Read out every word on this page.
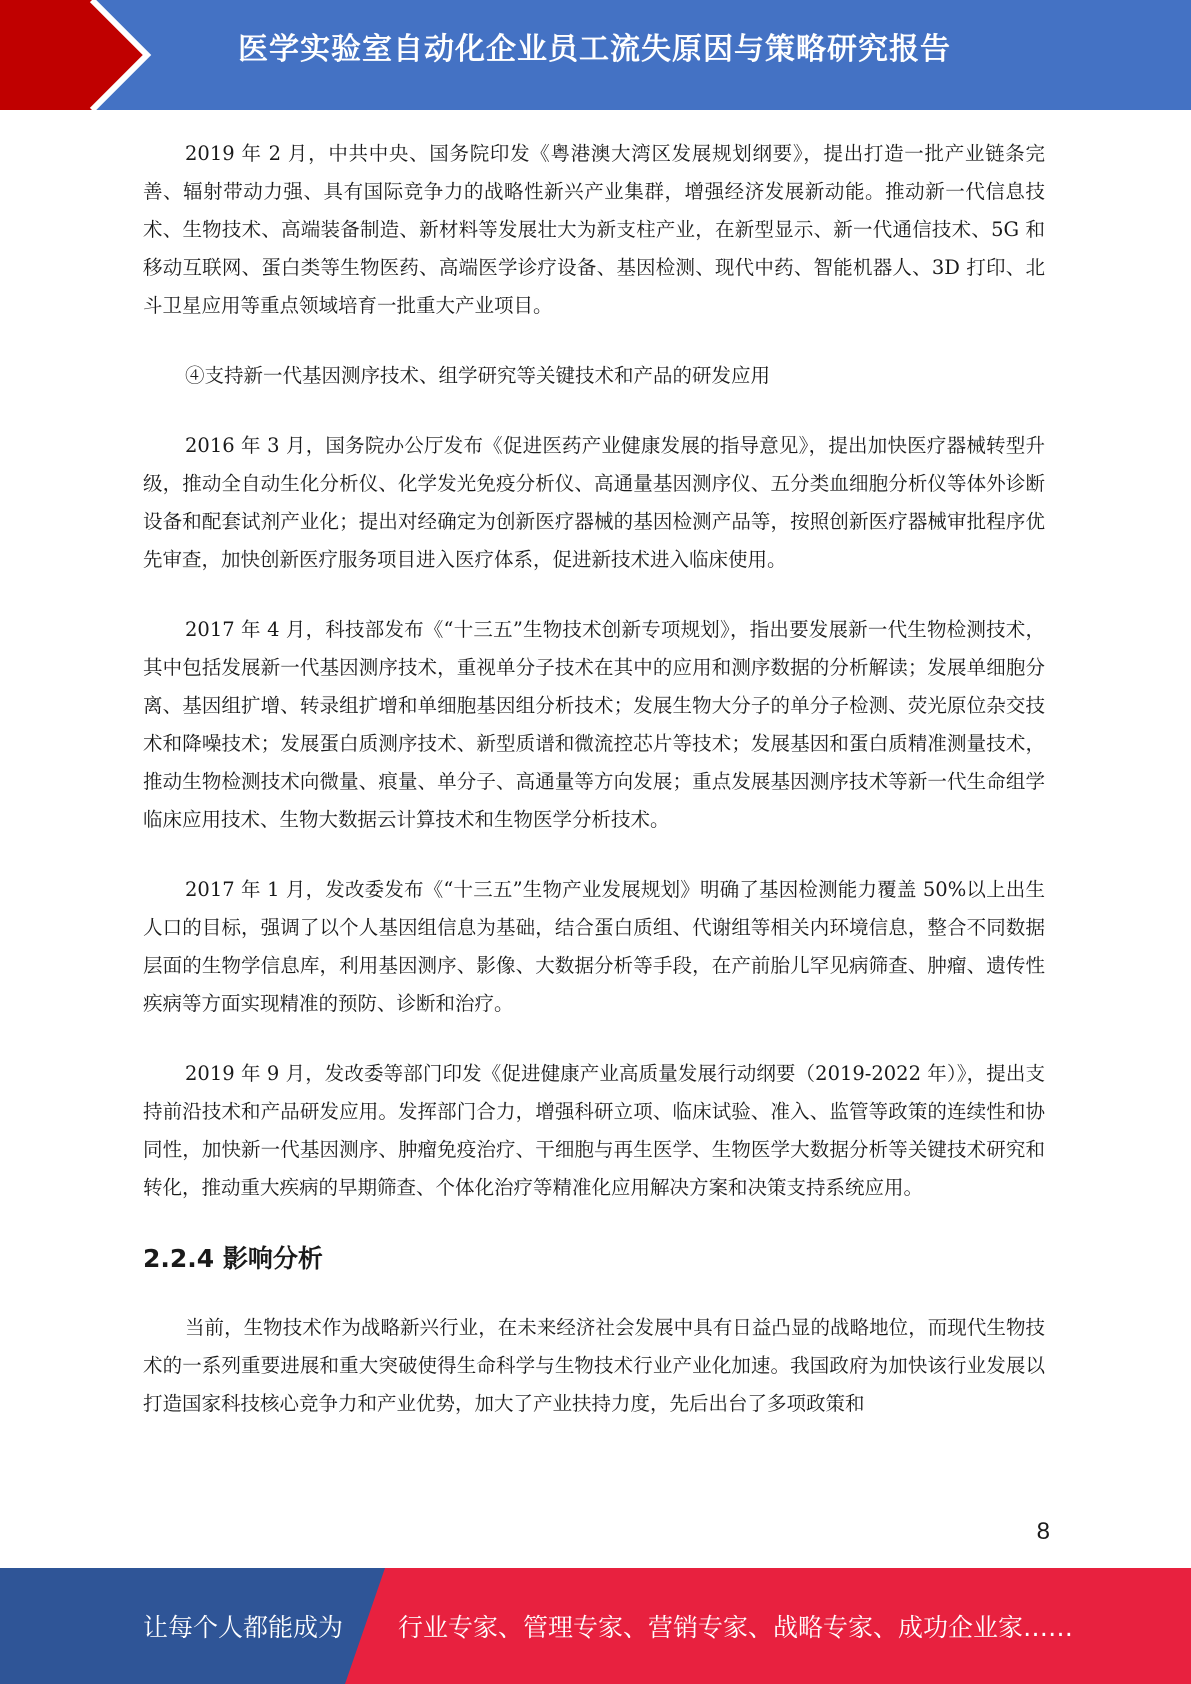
医学实验室自动化企业员工流失原因与策略研究报告

2019 年 2 月，中共中央、国务院印发《粤港澳大湾区发展规划纲要》，提出打造一批产业链条完善、辐射带动力强、具有国际竞争力的战略性新兴产业集群，增强经济发展新动能。推动新一代信息技术、生物技术、高端装备制造、新材料等发展壮大为新支柱产业，在新型显示、新一代通信技术、5G 和移动互联网、蛋白类等生物医药、高端医学诊疗设备、基因检测、现代中药、智能机器人、3D 打印、北斗卫星应用等重点领域培育一批重大产业项目。

④支持新一代基因测序技术、组学研究等关键技术和产品的研发应用

2016 年 3 月，国务院办公厅发布《促进医药产业健康发展的指导意见》，提出加快医疗器械转型升级，推动全自动生化分析仪、化学发光免疫分析仪、高通量基因测序仪、五分类血细胞分析仪等体外诊断设备和配套试剂产业化；提出对经确定为创新医疗器械的基因检测产品等，按照创新医疗器械审批程序优先审查，加快创新医疗服务项目进入医疗体系，促进新技术进入临床使用。

2017 年 4 月，科技部发布《“十三五”生物技术创新专项规划》，指出要发展新一代生物检测技术，其中包括发展新一代基因测序技术，重视单分子技术在其中的应用和测序数据的分析解读；发展单细胞分离、基因组扩增、转录组扩增和单细胞基因组分析技术；发展生物大分子的单分子检测、荧光原位杂交技术和降噪技术；发展蛋白质测序技术、新型质谱和微流控芯片等技术；发展基因和蛋白质精准测量技术，推动生物检测技术向微量、痕量、单分子、高通量等方向发展；重点发展基因测序技术等新一代生命组学临床应用技术、生物大数据云计算技术和生物医学分析技术。

2017 年 1 月，发改委发布《“十三五”生物产业发展规划》明确了基因检测能力覆盖 50%以上出生人口的目标，强调了以个人基因组信息为基础，结合蛋白质组、代谢组等相关内环境信息，整合不同数据层面的生物学信息库，利用基因测序、影像、大数据分析等手段，在产前胎儿罕见病筛查、肿瘤、遗传性疾病等方面实现精准的预防、诊断和治疗。

2019 年 9 月，发改委等部门印发《促进健康产业高质量发展行动纲要（2019-2022 年）》，提出支持前沿技术和产品研发应用。发挥部门合力，增强科研立项、临床试验、准入、监管等政策的连续性和协同性，加快新一代基因测序、肿瘤免疫治疗、干细胞与再生医学、生物医学大数据分析等关键技术研究和转化，推动重大疾病的早期筛查、个体化治疗等精准化应用解决方案和决策支持系统应用。

2.2.4 影响分析

当前，生物技术作为战略新兴行业，在未来经济社会发展中具有日益凸显的战略地位，而现代生物技术的一系列重要进展和重大突破使得生命科学与生物技术行业产业化加速。我国政府为加快该行业发展以打造国家科技核心竞争力和产业优势，加大了产业扶持力度，先后出台了多项政策和

8
让每个人都能成为 行业专家、管理专家、营销专家、战略专家、成功企业家……
